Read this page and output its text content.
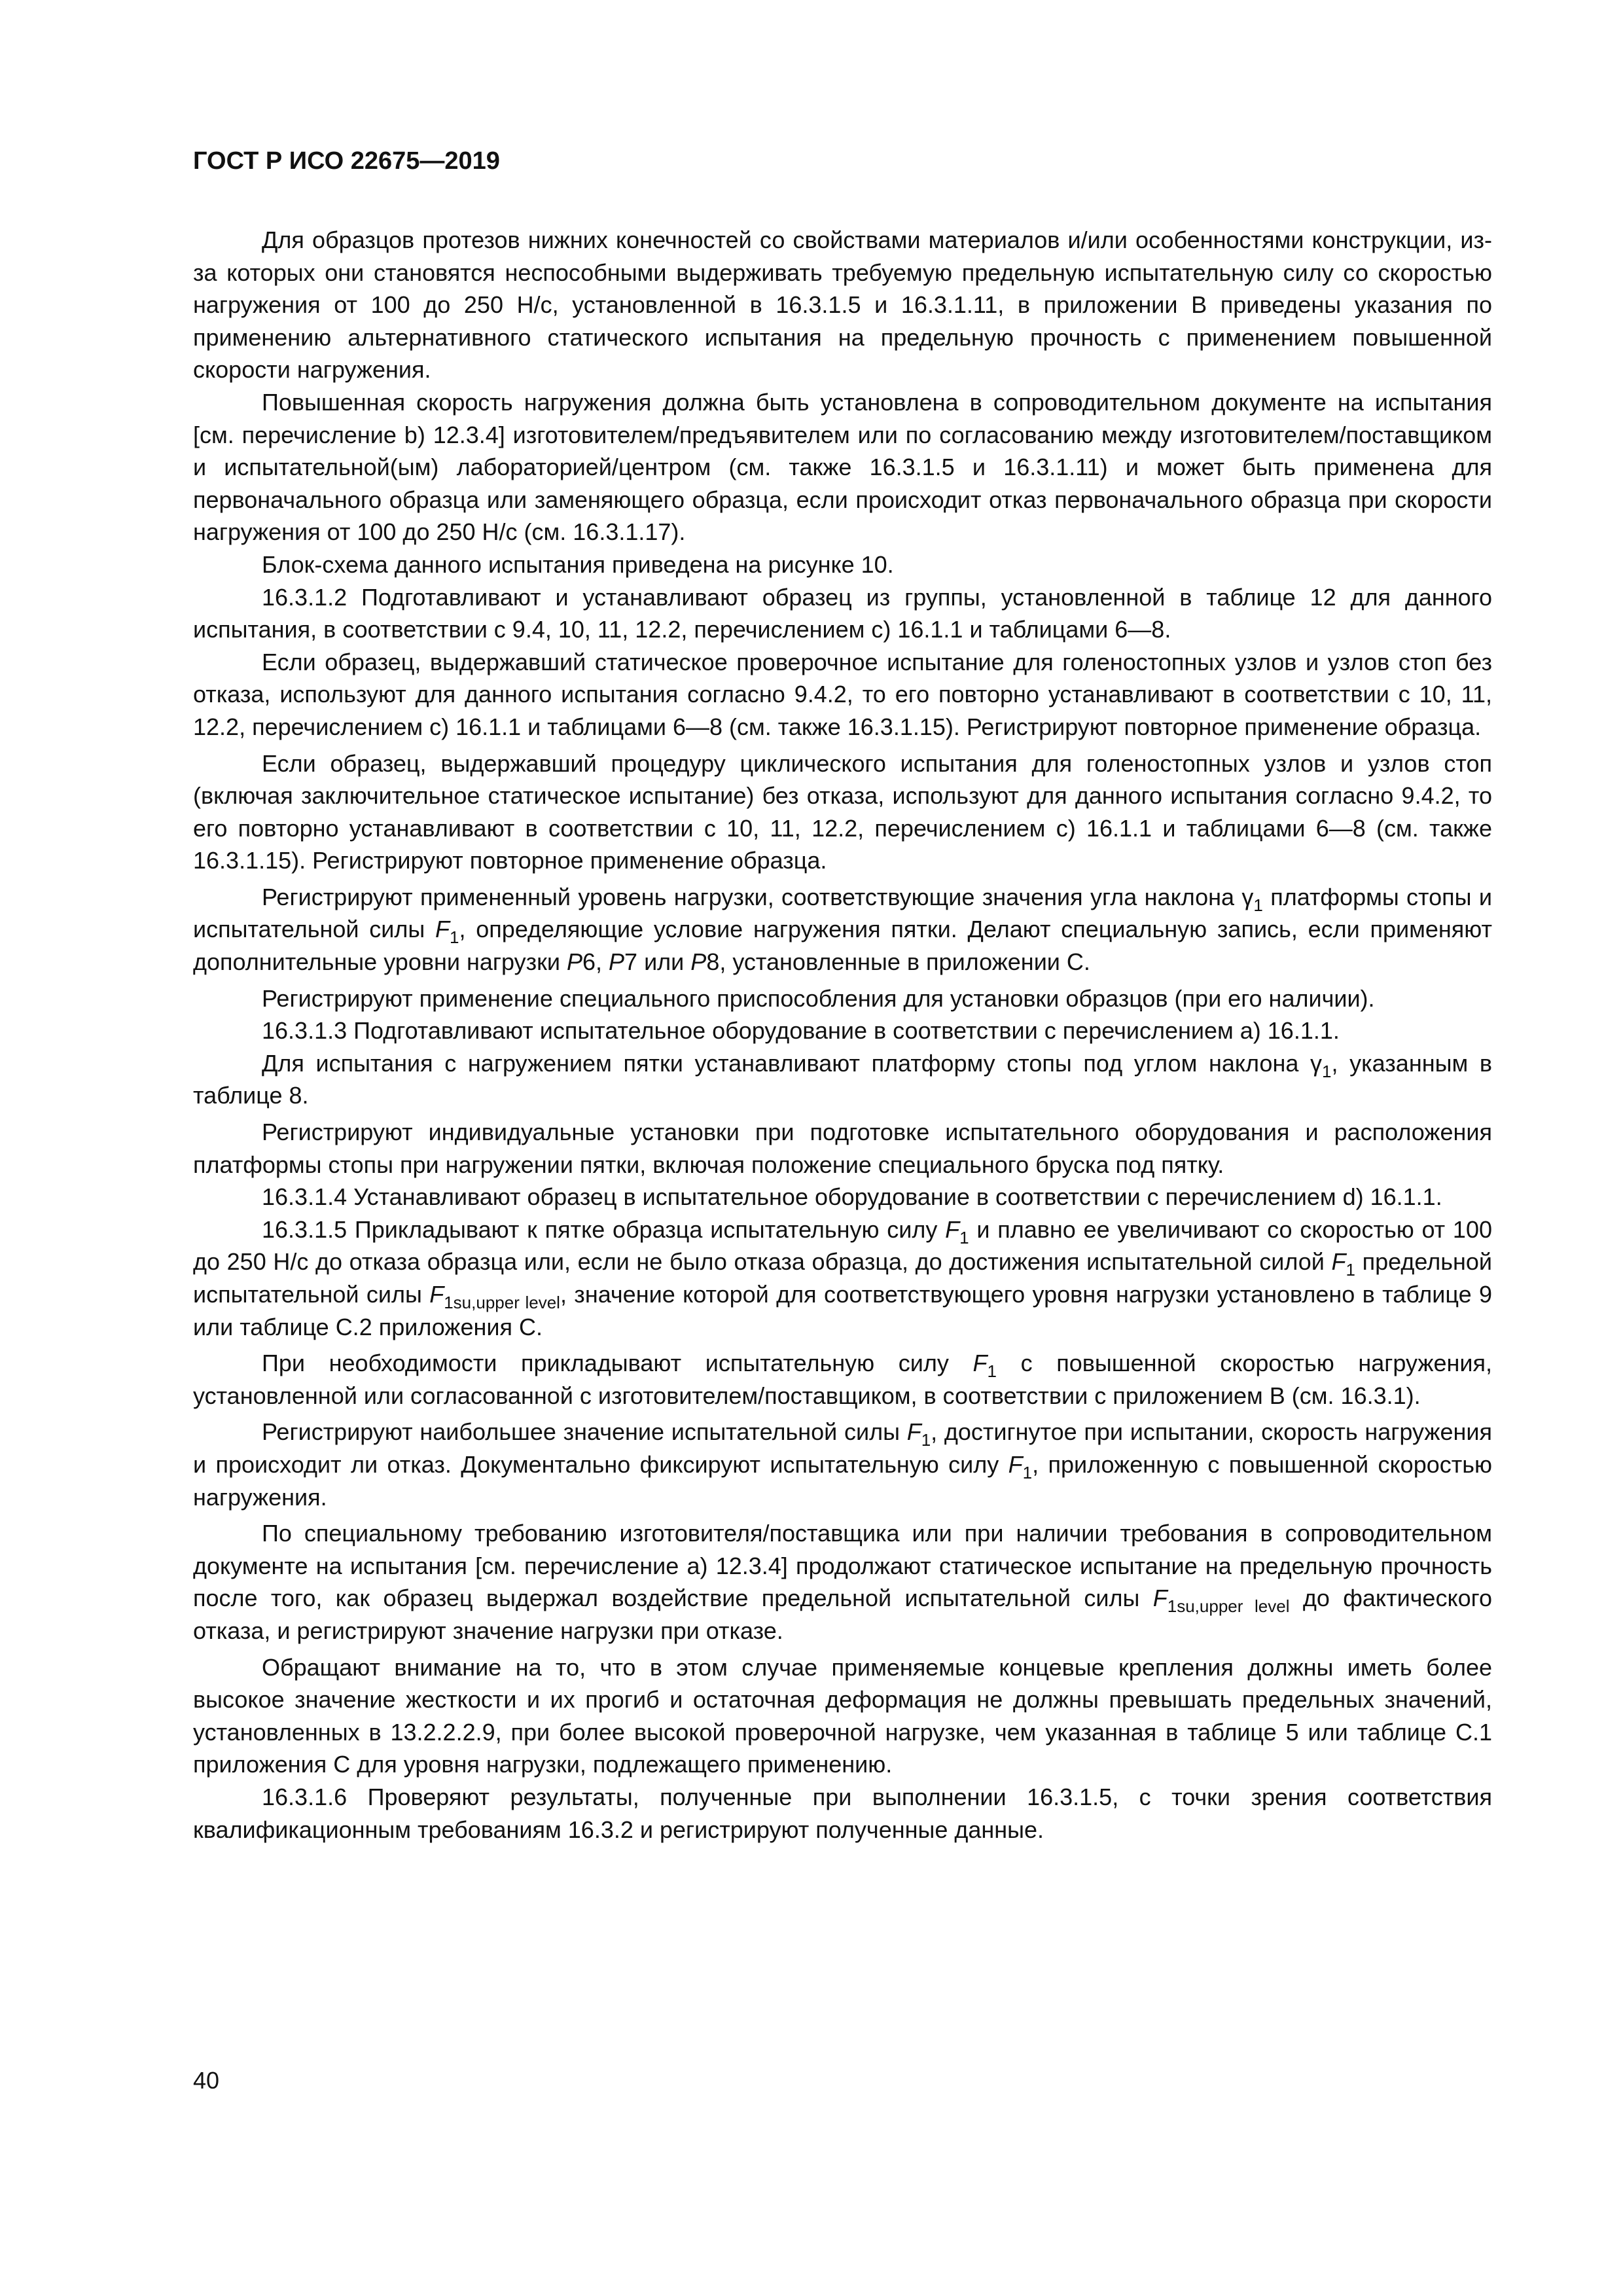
ГОСТ Р ИСО 22675—2019

Для образцов протезов нижних конечностей со свойствами материалов и/или особенностями конструкции, из-за которых они становятся неспособными выдерживать требуемую предельную испытательную силу со скоростью нагружения от 100 до 250 Н/с, установленной в 16.3.1.5 и 16.3.1.11, в приложении В приведены указания по применению альтернативного статического испытания на предельную прочность с применением повышенной скорости нагружения.

Повышенная скорость нагружения должна быть установлена в сопроводительном документе на испытания [см. перечисление b) 12.3.4] изготовителем/предъявителем или по согласованию между изготовителем/поставщиком и испытательной(ым) лабораторией/центром (см. также 16.3.1.5 и 16.3.1.11) и может быть применена для первоначального образца или заменяющего образца, если происходит отказ первоначального образца при скорости нагружения от 100 до 250 Н/с (см. 16.3.1.17).

Блок-схема данного испытания приведена на рисунке 10.

16.3.1.2 Подготавливают и устанавливают образец из группы, установленной в таблице 12 для данного испытания, в соответствии с 9.4, 10, 11, 12.2, перечислением с) 16.1.1 и таблицами 6—8.

Если образец, выдержавший статическое проверочное испытание для голеностопных узлов и узлов стоп без отказа, используют для данного испытания согласно 9.4.2, то его повторно устанавливают в соответствии с 10, 11, 12.2, перечислением с) 16.1.1 и таблицами 6—8 (см. также 16.3.1.15). Регистрируют повторное применение образца.

Если образец, выдержавший процедуру циклического испытания для голеностопных узлов и узлов стоп (включая заключительное статическое испытание) без отказа, используют для данного испытания согласно 9.4.2, то его повторно устанавливают в соответствии с 10, 11, 12.2, перечислением с) 16.1.1 и таблицами 6—8 (см. также 16.3.1.15). Регистрируют повторное применение образца.

Регистрируют примененный уровень нагрузки, соответствующие значения угла наклона $\gamma_1$ платформы стопы и испытательной силы $F_1$, определяющие условие нагружения пятки. Делают специальную запись, если применяют дополнительные уровни нагрузки P6, P7 или P8, установленные в приложении С.

Регистрируют применение специального приспособления для установки образцов (при его наличии).

16.3.1.3 Подготавливают испытательное оборудование в соответствии с перечислением а) 16.1.1.

Для испытания с нагружением пятки устанавливают платформу стопы под углом наклона $\gamma_1$, указанным в таблице 8.

Регистрируют индивидуальные установки при подготовке испытательного оборудования и расположения платформы стопы при нагружении пятки, включая положение специального бруска под пятку.

16.3.1.4 Устанавливают образец в испытательное оборудование в соответствии с перечислением d) 16.1.1.

16.3.1.5 Прикладывают к пятке образца испытательную силу $F_1$ и плавно ее увеличивают со скоростью от 100 до 250 Н/с до отказа образца или, если не было отказа образца, до достижения испытательной силой $F_1$ предельной испытательной силы $F_{1su,upper level}$, значение которой для соответствующего уровня нагрузки установлено в таблице 9 или таблице С.2 приложения С.

При необходимости прикладывают испытательную силу $F_1$ с повышенной скоростью нагружения, установленной или согласованной с изготовителем/поставщиком, в соответствии с приложением В (см. 16.3.1).

Регистрируют наибольшее значение испытательной силы $F_1$, достигнутое при испытании, скорость нагружения и происходит ли отказ. Документально фиксируют испытательную силу $F_1$, приложенную с повышенной скоростью нагружения.

По специальному требованию изготовителя/поставщика или при наличии требования в сопроводительном документе на испытания [см. перечисление а) 12.3.4] продолжают статическое испытание на предельную прочность после того, как образец выдержал воздействие предельной испытательной силы $F_{1su,upper level}$ до фактического отказа, и регистрируют значение нагрузки при отказе.

Обращают внимание на то, что в этом случае применяемые концевые крепления должны иметь более высокое значение жесткости и их прогиб и остаточная деформация не должны превышать предельных значений, установленных в 13.2.2.2.9, при более высокой проверочной нагрузке, чем указанная в таблице 5 или таблице С.1 приложения С для уровня нагрузки, подлежащего применению.

16.3.1.6 Проверяют результаты, полученные при выполнении 16.3.1.5, с точки зрения соответствия квалификационным требованиям 16.3.2 и регистрируют полученные данные.

40
